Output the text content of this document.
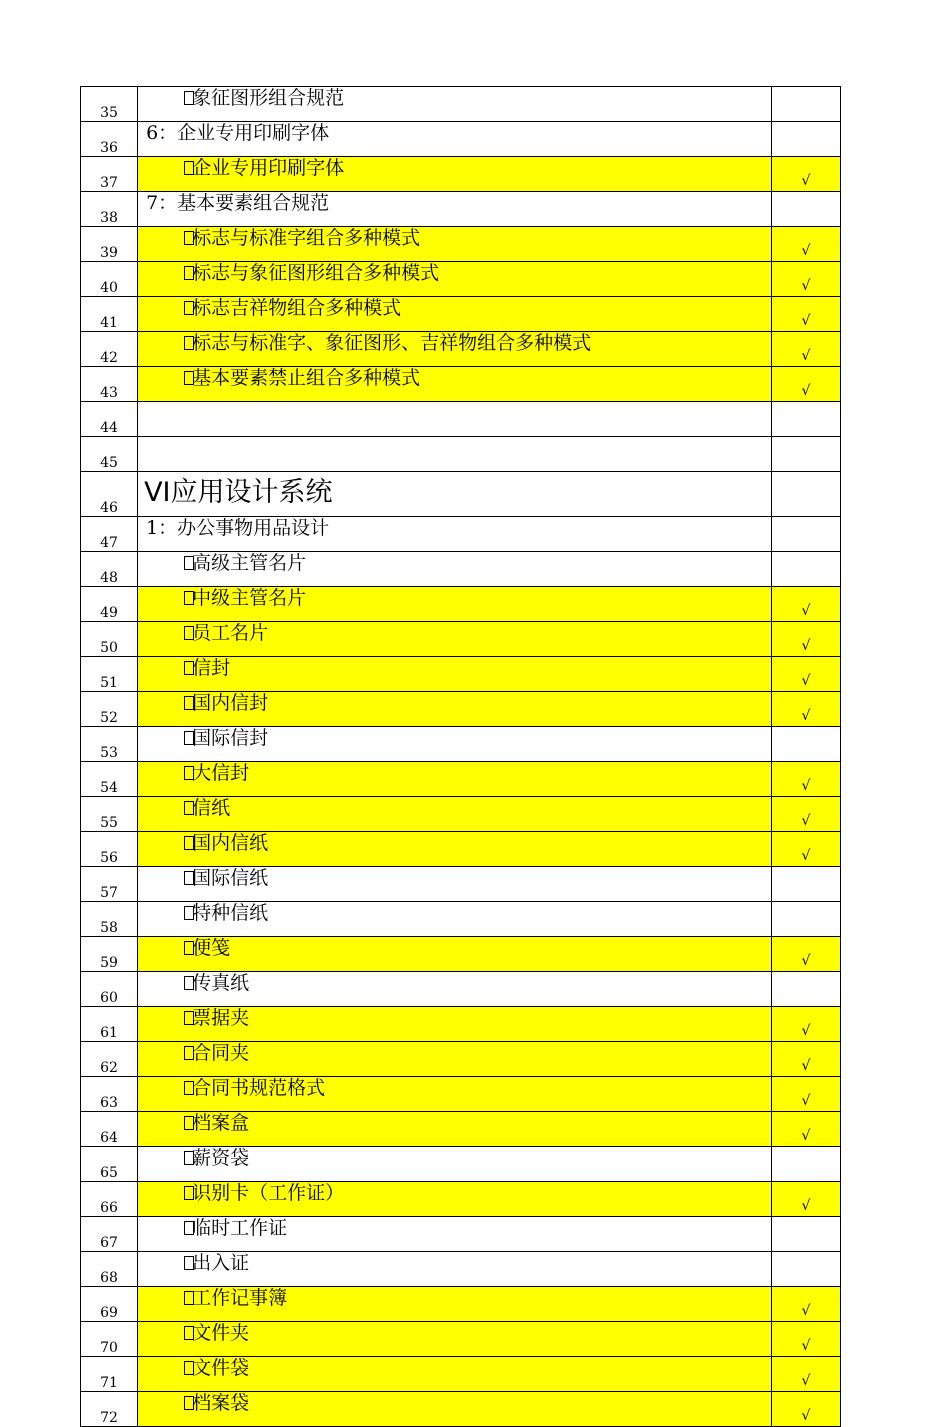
35	象征图形组合规范	
36	6：企业专用印刷字体	
37	企业专用印刷字体	√
38	7：基本要素组合规范	
39	标志与标准字组合多种模式	√
40	标志与象征图形组合多种模式	√
41	标志吉祥物组合多种模式	√
42	标志与标准字、象征图形、吉祥物组合多种模式	√
43	基本要素禁止组合多种模式	√
44		
45		
46	VI应用设计系统	
47	1：办公事物用品设计	
48	高级主管名片	
49	中级主管名片	√
50	员工名片	√
51	信封	√
52	国内信封	√
53	国际信封	
54	大信封	√
55	信纸	√
56	国内信纸	√
57	国际信纸	
58	特种信纸	
59	便笺	√
60	传真纸	
61	票据夹	√
62	合同夹	√
63	合同书规范格式	√
64	档案盒	√
65	薪资袋	
66	识别卡（工作证）	√
67	临时工作证	
68	出入证	
69	工作记事簿	√
70	文件夹	√
71	文件袋	√
72	档案袋	√
